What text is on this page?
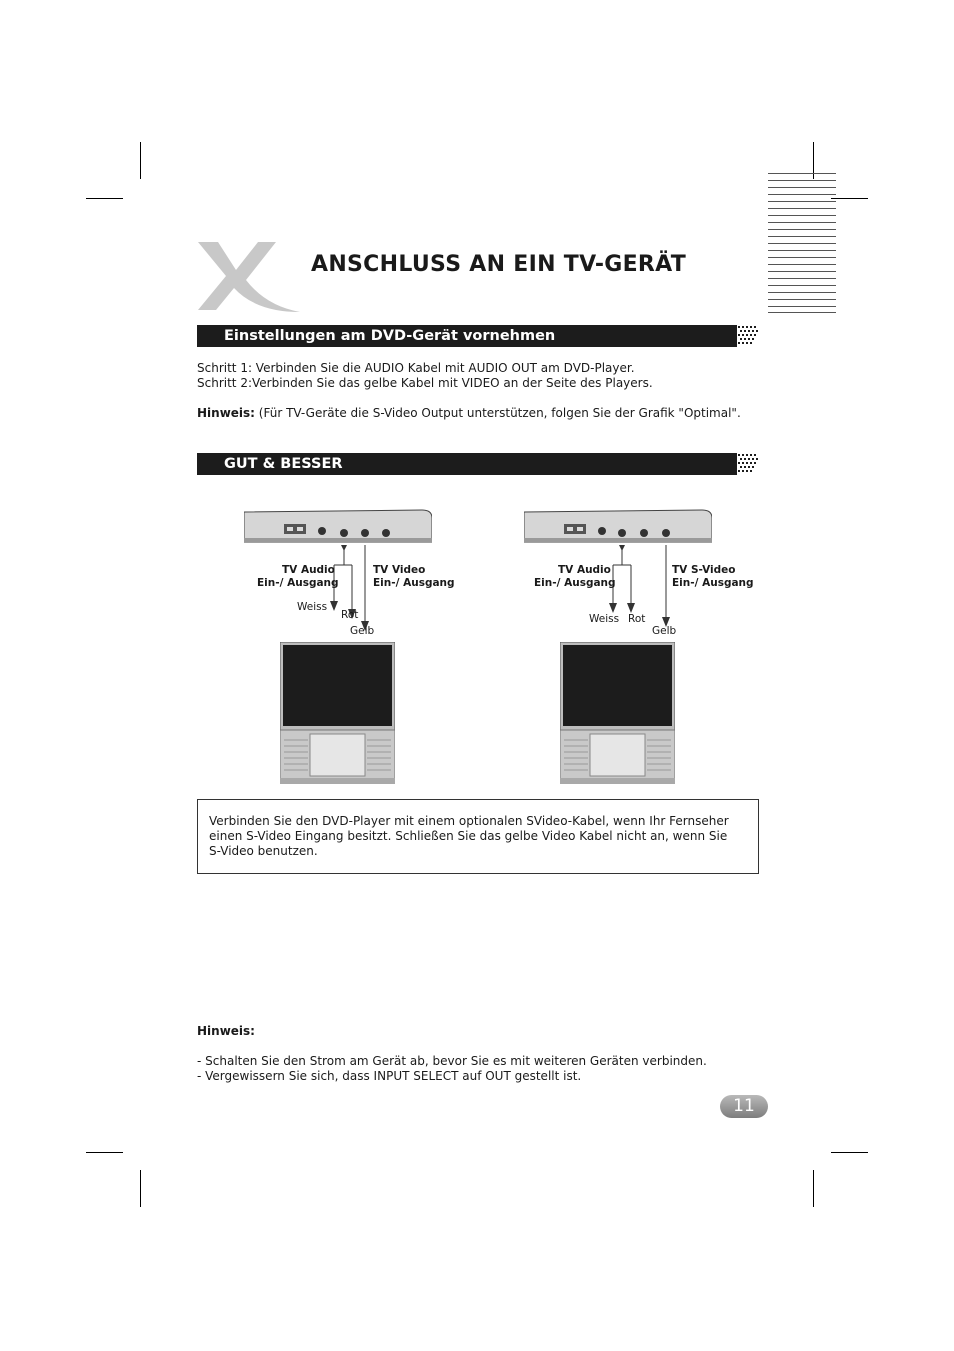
ANSCHLUSS AN EIN TV-GERÄT
Einstellungen am DVD-Gerät vornehmen
Schritt 1: Verbinden Sie die AUDIO Kabel mit AUDIO OUT am DVD-Player.
Schritt 2:Verbinden Sie das gelbe Kabel mit VIDEO an der Seite des Players.
Hinweis: (Für TV-Geräte die S-Video Output unterstützen, folgen Sie der Grafik "Optimal".
GUT & BESSER
TV Audio
Ein-/ Ausgang
TV Video
Ein-/ Ausgang
Weiss
Rot
Gelb
TV Audio
Ein-/ Ausgang
TV S-Video
Ein-/ Ausgang
Weiss Rot
Gelb
Verbinden Sie den DVD-Player mit einem optionalen SVideo-Kabel, wenn Ihr Fernseher
einen S-Video Eingang besitzt. Schließen Sie das gelbe Video Kabel nicht an, wenn Sie
S-Video benutzen.
Hinweis:
- Schalten Sie den Strom am Gerät ab, bevor Sie es mit weiteren Geräten verbinden.
- Vergewissern Sie sich, dass INPUT SELECT auf OUT gestellt ist.
11
